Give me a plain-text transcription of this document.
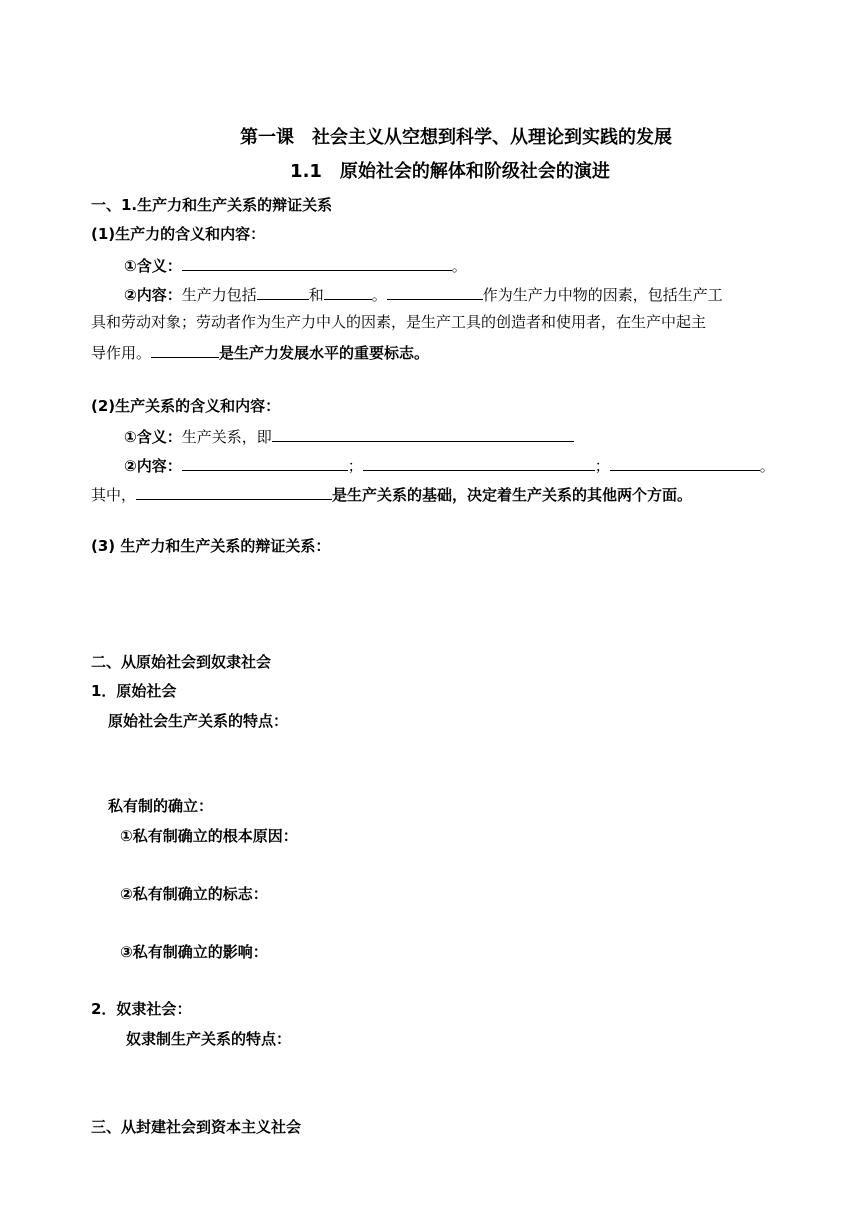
第一课　社会主义从空想到科学、从理论到实践的发展
1.1　原始社会的解体和阶级社会的演进
一、1.生产力和生产关系的辩证关系
(1)生产力的含义和内容：
①含义：	。
②内容：生产力包括	和	。	作为生产力中物的因素，包括生产工
具和劳动对象；劳动者作为生产力中人的因素，是生产工具的创造者和使用者，在生产中起主
导作用。	是生产力发展水平的重要标志。
(2)生产关系的含义和内容：
①含义：生产关系，即
②内容：	；	；	。
其中，	是生产关系的基础，决定着生产关系的其他两个方面。
(3) 生产力和生产关系的辩证关系：
二、从原始社会到奴隶社会
1．原始社会
原始社会生产关系的特点：
私有制的确立：
①私有制确立的根本原因：
②私有制确立的标志：
③私有制确立的影响：
2．奴隶社会：
奴隶制生产关系的特点：
三、从封建社会到资本主义社会
